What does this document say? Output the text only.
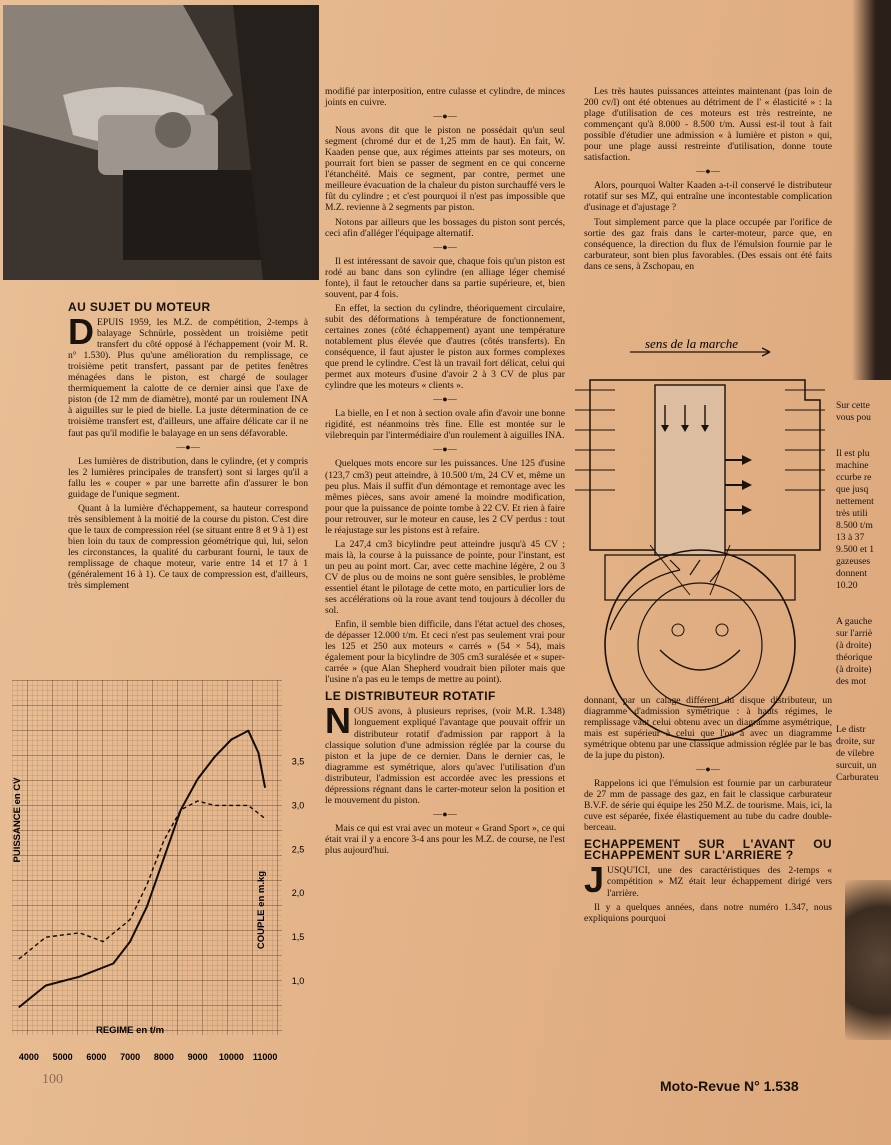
AU SUJET DU MOTEUR

DEPUIS 1959, les M.Z. de compétition, 2-temps à balayage Schnürle, possèdent un troisième petit transfert du côté opposé à l'échappement (voir M. R. n° 1.530). Plus qu'une amélioration du remplissage, ce troisième petit transfert, passant par de petites fenêtres ménagées dans le piston, est chargé de soulager thermiquement la calotte de ce dernier ainsi que l'axe de piston (de 12 mm de diamètre), monté par un roulement INA à aiguilles sur le pied de bielle. La juste détermination de ce troisième transfert est, d'ailleurs, une affaire délicate car il ne faut pas qu'il modifie le balayage en un sens défavorable.

—●—

Les lumières de distribution, dans le cylindre, (et y compris les 2 lumières principales de transfert) sont si larges qu'il a fallu les « couper » par une barrette afin d'assurer le bon guidage de l'unique segment.

Quant à la lumière d'échappement, sa hauteur correspond très sensiblement à la moitié de la course du piston. C'est dire que le taux de compression réel (se situant entre 8 et 9 à 1) est bien loin du taux de compression géométrique qui, lui, selon les circonstances, la qualité du carburant fourni, le taux de remplissage de chaque moteur, varie entre 14 et 17 à 1 (généralement 16 à 1). Ce taux de compression est, d'ailleurs, très simplement

modifié par interposition, entre culasse et cylindre, de minces joints en cuivre.

—●—

Nous avons dit que le piston ne possédait qu'un seul segment (chromé dur et de 1,25 mm de haut). En fait, W. Kaaden pense que, aux régimes atteints par ses moteurs, on pourrait fort bien se passer de segment en ce qui concerne l'étanchéité. Mais ce segment, par contre, permet une meilleure évacuation de la chaleur du piston surchauffé vers le fût du cylindre ; et c'est pourquoi il n'est pas impossible que M.Z. revienne à 2 segments par piston.

Notons par ailleurs que les bossages du piston sont percés, ceci afin d'alléger l'équipage alternatif.

—●—

Il est intéressant de savoir que, chaque fois qu'un piston est rodé au banc dans son cylindre (en alliage léger chemisé fonte), il faut le retoucher dans sa partie supérieure, et, bien souvent, par 4 fois.

En effet, la section du cylindre, théoriquement circulaire, subit des déformations à température de fonctionnement, certaines zones (côté échappement) ayant une température notablement plus élevée que d'autres (côtés transferts). En conséquence, il faut ajuster le piston aux formes complexes que prend le cylindre. C'est là un travail fort délicat, celui qui permet aux moteurs d'usine d'avoir 2 à 3 CV de plus par cylindre que les moteurs « clients ».

—●—

La bielle, en I et non à section ovale afin d'avoir une bonne rigidité, est néanmoins très fine. Elle est montée sur le vilebrequin par l'intermédiaire d'un roulement à aiguilles INA.

—●—

Quelques mots encore sur les puissances. Une 125 d'usine (123,7 cm3) peut atteindre, à 10.500 t/m, 24 CV et, même un peu plus. Mais il suffit d'un démontage et remontage avec les mêmes pièces, sans avoir amené la moindre modification, pour que la puissance de pointe tombe à 22 CV. Et rien à faire pour retrouver, sur le moteur en cause, les 2 CV perdus : tout le réajustage sur les pistons est à refaire.

La 247,4 cm3 bicylindre peut atteindre jusqu'à 45 CV ; mais là, la course à la puissance de pointe, pour l'instant, est un peu au point mort. Car, avec cette machine légère, 2 ou 3 CV de plus ou de moins ne sont guère sensibles, le problème essentiel étant le pilotage de cette moto, en particulier lors de ses accélérations où la roue avant tend toujours à décoller du sol.

Enfin, il semble bien difficile, dans l'état actuel des choses, de dépasser 12.000 t/m. Et ceci n'est pas seulement vrai pour les 125 et 250 aux moteurs « carrés » (54 × 54), mais également pour la bicylindre de 305 cm3 suralésée et « super-carrée » (que Alan Shepherd voudrait bien piloter mais que l'usine n'a pas eu le temps de mettre au point).

LE DISTRIBUTEUR ROTATIF

NOUS avons, à plusieurs reprises, (voir M.R. 1.348) longuement expliqué l'avantage que pouvait offrir un distributeur rotatif d'admission par rapport à la classique solution d'une admission réglée par la course du piston et la jupe de ce dernier. Dans le dernier cas, le diagramme est symétrique, alors qu'avec l'utilisation d'un distributeur, l'admission est accordée avec les pressions et dépressions régnant dans le carter-moteur selon la position et le mouvement du piston.

—●—

Mais ce qui est vrai avec un moteur « Grand Sport », ce qui était vrai il y a encore 3-4 ans pour les M.Z. de course, ne l'est plus aujourd'hui.

Les très hautes puissances atteintes maintenant (pas loin de 200 cv/l) ont été obtenues au détriment de l' « élasticité » : la plage d'utilisation de ces moteurs est très restreinte, ne commençant qu'à 8.000 - 8.500 t/m. Aussi est-il tout à fait possible d'étudier une admission « à lumière et piston » qui, pour une plage aussi restreinte d'utilisation, donne toute satisfaction.

—●—

Alors, pourquoi Walter Kaaden a-t-il conservé le distributeur rotatif sur ses MZ, qui entraîne une incontestable complication d'usinage et d'ajustage ?

Tout simplement parce que la place occupée par l'orifice de sortie des gaz frais dans le carter-moteur, parce que, en conséquence, la direction du flux de l'émulsion fournie par le carburateur, sont bien plus favorables. (Des essais ont été faits dans ce sens, à Zschopau, en

donnant, par un calage différent du disque distributeur, un diagramme d'admission symétrique : à hauts régimes, le remplissage vaut celui obtenu avec un diagramme asymétrique, mais est supérieur à celui que l'on a avec un diagramme symétrique obtenu par une classique admission réglée par le bas de la jupe du piston).

—●—

Rappelons ici que l'émulsion est fournie par un carburateur de 27 mm de passage des gaz, en fait le classique carburateur B.V.F. de série qui équipe les 250 M.Z. de tourisme. Mais, ici, la cuve est séparée, fixée élastiquement au tube du cadre double-berceau.

ECHAPPEMENT SUR L'AVANT OU ECHAPPEMENT SUR L'ARRIERE ?

JUSQU'ICI, une des caractéristiques des 2-temps « compétition » MZ était leur échappement dirigé vers l'arrière.

Il y a quelques années, dans notre numéro 1.347, nous expliquions pourquoi

sens de la marche
4000 5000 6000 7000 8000 9000 10000 11000
1,0
1,5
2,0
2,5
3,0
3,5
PUISSANCE en CV
COUPLE en m.kg
REGIME en t/m
Sur cette
vous pou

Il est plu
machine
ccurbe re
que jusq
nettement
très utili
8.500 t/m
13 à 37
9.500 et 1
gazeuses
donnent
10.20

A gauche
sur l'arriè
(à droite)
théorique
(à droite)
des mot

Le distr
droite, sur
de vilebre
surcuit, un
Carburateu
100	Moto-Revue N° 1.538
